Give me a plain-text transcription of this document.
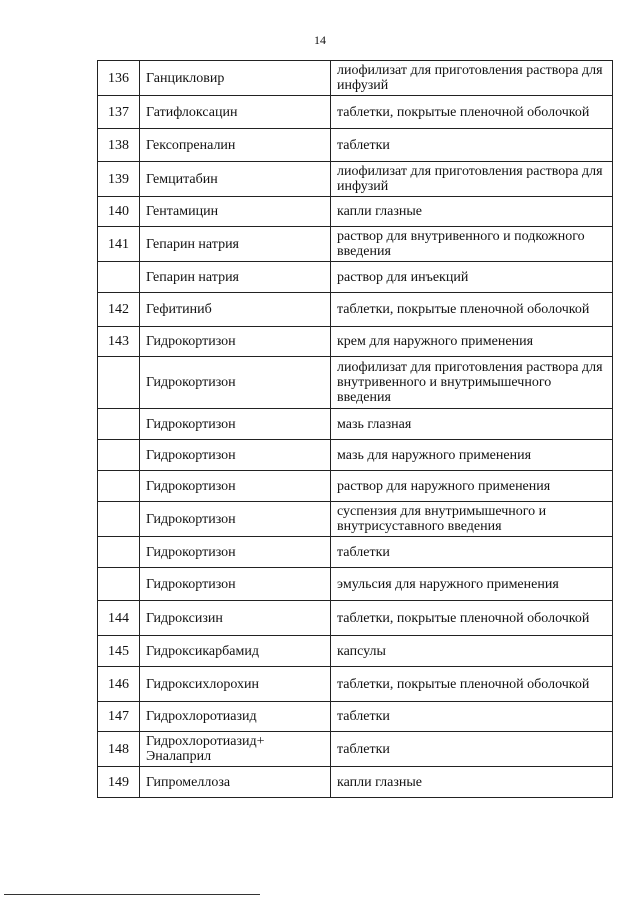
14
136	Ганцикловир	лиофилизат для приготовления раствора для инфузий
137	Гатифлоксацин	таблетки, покрытые пленочной оболочкой
138	Гексопреналин	таблетки
139	Гемцитабин	лиофилизат для приготовления раствора для инфузий
140	Гентамицин	капли глазные
141	Гепарин натрия	раствор для внутривенного и подкожного введения
	Гепарин натрия	раствор для инъекций
142	Гефитиниб	таблетки, покрытые пленочной оболочкой
143	Гидрокортизон	крем для наружного применения
	Гидрокортизон	лиофилизат для приготовления раствора для внутривенного и внутримышечного введения
	Гидрокортизон	мазь глазная
	Гидрокортизон	мазь для наружного применения
	Гидрокортизон	раствор для наружного применения
	Гидрокортизон	суспензия для внутримышечного и внутрисуставного введения
	Гидрокортизон	таблетки
	Гидрокортизон	эмульсия для наружного применения
144	Гидроксизин	таблетки, покрытые пленочной оболочкой
145	Гидроксикарбамид	капсулы
146	Гидроксихлорохин	таблетки, покрытые пленочной оболочкой
147	Гидрохлоротиазид	таблетки
148	Гидрохлоротиазид+ Эналаприл	таблетки
149	Гипромеллоза	капли глазные
